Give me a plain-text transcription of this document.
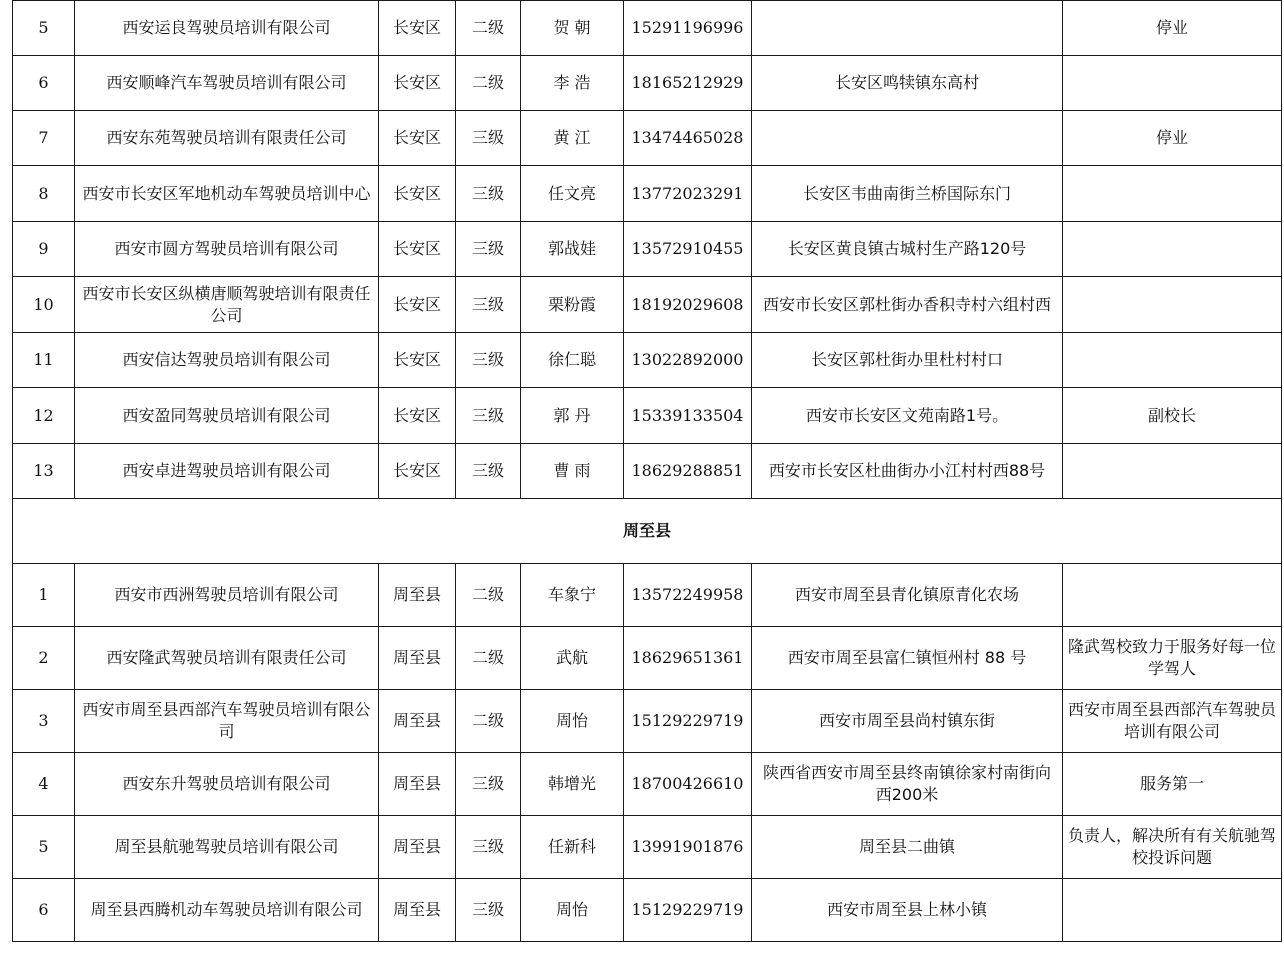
5	西安运良驾驶员培训有限公司	长安区	二级	贺 朝	15291196996		停业
6	西安顺峰汽车驾驶员培训有限公司	长安区	二级	李 浩	18165212929	长安区鸣犊镇东高村	
7	西安东苑驾驶员培训有限责任公司	长安区	三级	黄 江	13474465028		停业
8	西安市长安区军地机动车驾驶员培训中心	长安区	三级	任文亮	13772023291	长安区韦曲南街兰桥国际东门	
9	西安市圆方驾驶员培训有限公司	长安区	三级	郭战娃	13572910455	长安区黄良镇古城村生产路120号	
10	西安市长安区纵横唐顺驾驶培训有限责任公司	长安区	三级	栗粉霞	18192029608	西安市长安区郭杜街办香积寺村六组村西	
11	西安信达驾驶员培训有限公司	长安区	三级	徐仁聪	13022892000	长安区郭杜街办里杜村村口	
12	西安盈同驾驶员培训有限公司	长安区	三级	郭 丹	15339133504	西安市长安区文苑南路1号。	副校长
13	西安卓进驾驶员培训有限公司	长安区	三级	曹 雨	18629288851	西安市长安区杜曲街办小江村村西88号	
周至县							
1	西安市西洲驾驶员培训有限公司	周至县	二级	车象宁	13572249958	西安市周至县青化镇原青化农场	
2	西安隆武驾驶员培训有限责任公司	周至县	二级	武航	18629651361	西安市周至县富仁镇恒州村 88 号	隆武驾校致力于服务好每一位学驾人
3	西安市周至县西部汽车驾驶员培训有限公司	周至县	二级	周怡	15129229719	西安市周至县尚村镇东街	西安市周至县西部汽车驾驶员培训有限公司
4	西安东升驾驶员培训有限公司	周至县	三级	韩增光	18700426610	陕西省西安市周至县终南镇徐家村南街向西200米	服务第一
5	周至县航驰驾驶员培训有限公司	周至县	三级	任新科	13991901876	周至县二曲镇	负责人，解决所有有关航驰驾校投诉问题
6	周至县西腾机动车驾驶员培训有限公司	周至县	三级	周怡	15129229719	西安市周至县上林小镇	
